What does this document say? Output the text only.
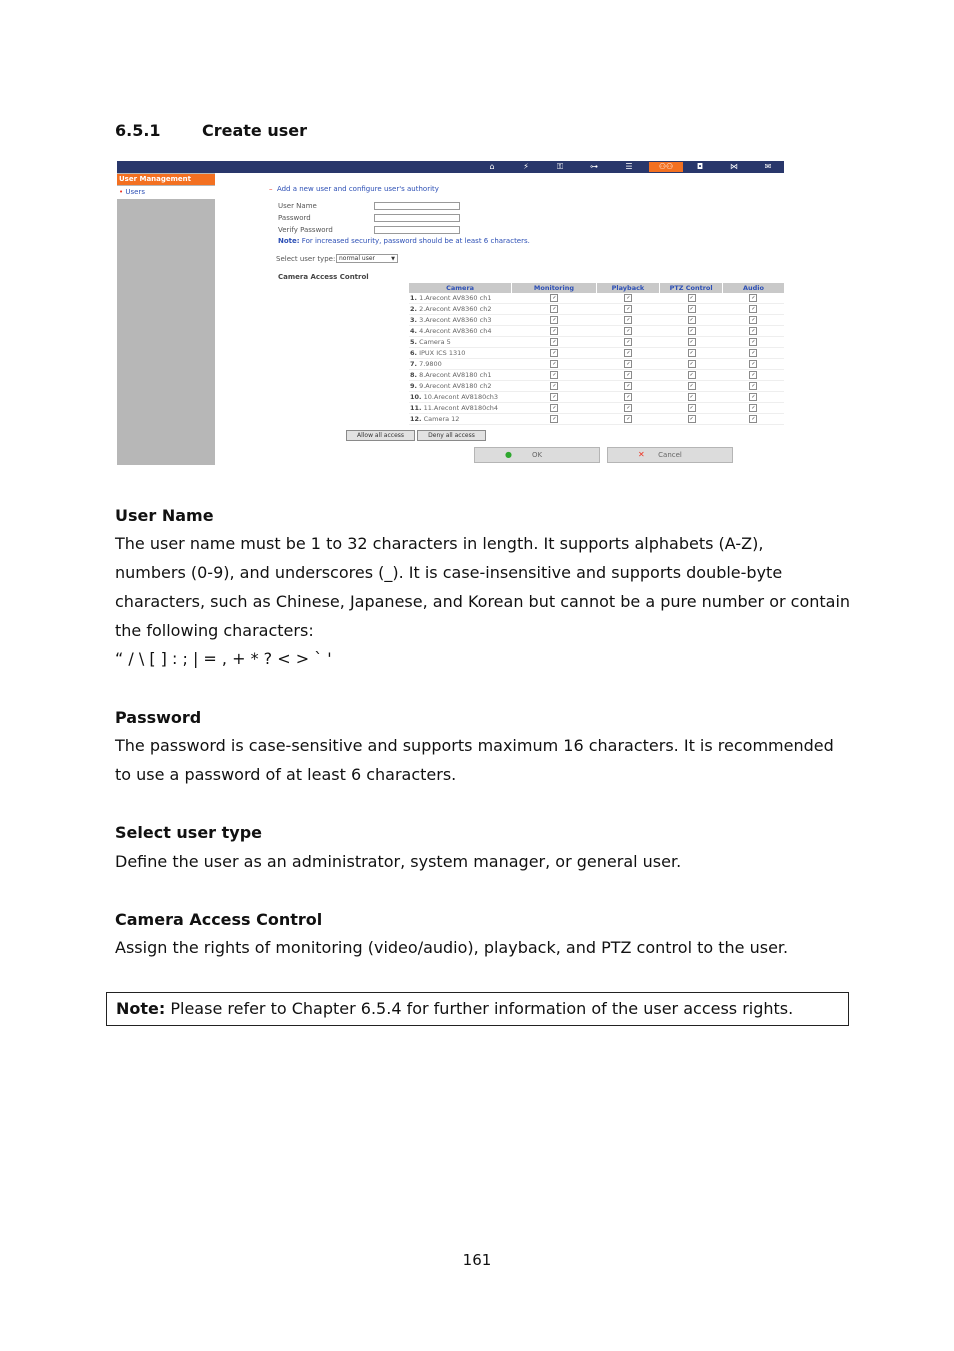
6.5.1	Create user
⌂	⚡	⚿	⊶	☰	⚇⚇	◘	⋈	✉
User Management
• Users	– Add a new user and configure user's authority
User Name
Password
Verify Password
Note: For increased security, password should be at least 6 characters.
Select user type: normal user	▼
Camera Access Control
Camera	Monitoring	Playback	PTZ Control	Audio
1. 1.Arecont AV8360 ch1	✓	✓	✓	✓
2. 2.Arecont AV8360 ch2	✓	✓	✓	✓
3. 3.Arecont AV8360 ch3	✓	✓	✓	✓
4. 4.Arecont AV8360 ch4	✓	✓	✓	✓
5. Camera 5	✓	✓	✓	✓
6. IPUX ICS 1310	✓	✓	✓	✓
7. 7.9800	✓	✓	✓	✓
8. 8.Arecont AV8180 ch1	✓	✓	✓	✓
9. 9.Arecont AV8180 ch2	✓	✓	✓	✓
10. 10.Arecont AV8180ch3	✓	✓	✓	✓
11. 11.Arecont AV8180ch4	✓	✓	✓	✓
12. Camera 12	✓	✓	✓	✓
Allow all access	Deny all access
●	OK	✕	Cancel
User Name
The user name must be 1 to 32 characters in length. It supports alphabets (A-Z),
numbers (0-9), and underscores (_). It is case-insensitive and supports double-byte
characters, such as Chinese, Japanese, and Korean but cannot be a pure number or contain
the following characters:
“ / \ [ ] : ; | = , + * ? < > ` '
Password
The password is case-sensitive and supports maximum 16 characters. It is recommended
to use a password of at least 6 characters.
Select user type
Define the user as an administrator, system manager, or general user.
Camera Access Control
Assign the rights of monitoring (video/audio), playback, and PTZ control to the user.
Note: Please refer to Chapter 6.5.4 for further information of the user access rights.
161
